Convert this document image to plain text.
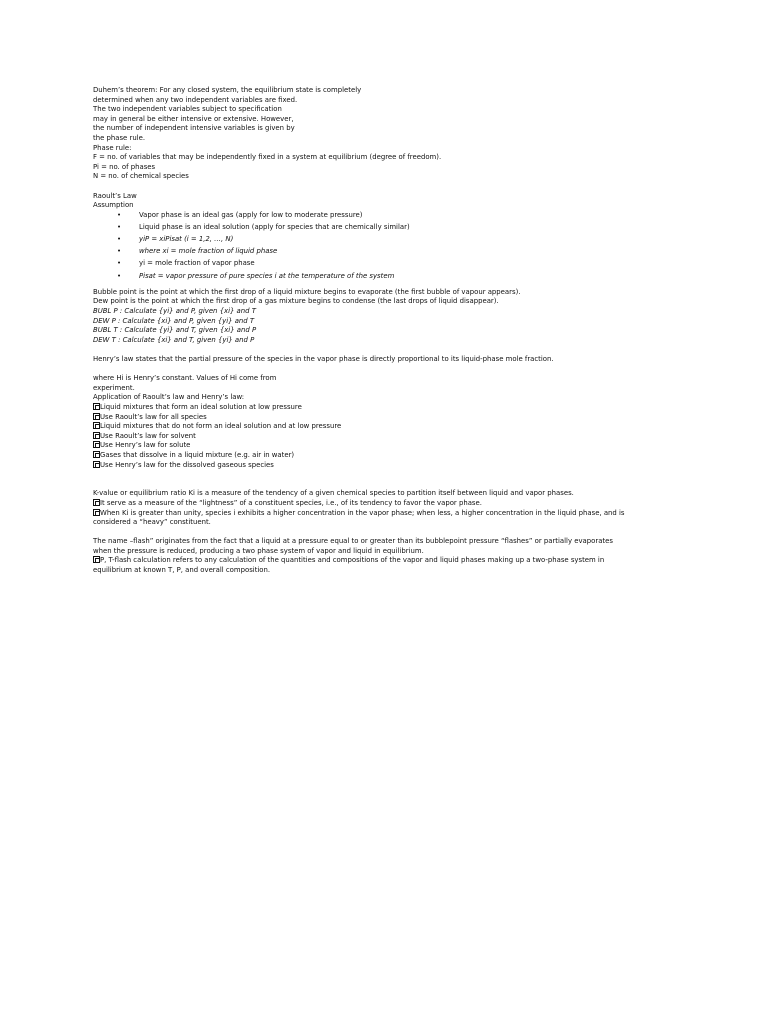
Duhem’s theorem: For any closed system, the equilibrium state is completely
determined when any two independent variables are fixed.
The two independent variables subject to specification
may in general be either intensive or extensive. However,
the number of independent intensive variables is given by
the phase rule.
Phase rule:
F = no. of variables that may be independently fixed in a system at equilibrium (degree of freedom).
Pi = no. of phases
N = no. of chemical species
Raoult’s Law
Assumption
•	Vapor phase is an ideal gas (apply for low to moderate pressure)
•	Liquid phase is an ideal solution (apply for species that are chemically similar)
•	yiP = xiPisat (i = 1,2, …, N)
•	where xi = mole fraction of liquid phase
•	yi = mole fraction of vapor phase
•	Pisat = vapor pressure of pure species i at the temperature of the system
Bubble point is the point at which the first drop of a liquid mixture begins to evaporate (the first bubble of vapour appears).
Dew point is the point at which the first drop of a gas mixture begins to condense (the last drops of liquid disappear).
BUBL P : Calculate {yi} and P, given {xi} and T
DEW P : Calculate {xi} and P, given {yi} and T
BUBL T : Calculate {yi} and T, given {xi} and P
DEW T : Calculate {xi} and T, given {yi} and P
Henry’s law states that the partial pressure of the species in the vapor phase is directly proportional to its liquid-phase mole fraction.
where Hi is Henry’s constant. Values of Hi come from
experiment.
Application of Raoult’s law and Henry’s law:
Liquid mixtures that form an ideal solution at low pressure
Use Raoult’s law for all species
Liquid mixtures that do not form an ideal solution and at low pressure
Use Raoult’s law for solvent
Use Henry’s law for solute
Gases that dissolve in a liquid mixture (e.g. air in water)
Use Henry’s law for the dissolved gaseous species
K-value or equilibrium ratio Ki is a measure of the tendency of a given chemical species to partition itself between liquid and vapor phases.
It serve as a measure of the “lightness” of a constituent species, i.e., of its tendency to favor the vapor phase.
When Ki is greater than unity, species i exhibits a higher concentration in the vapor phase; when less, a higher concentration in the liquid phase, and is
considered a “heavy” constituent.
The name –flash” originates from the fact that a liquid at a pressure equal to or greater than its bubblepoint pressure “flashes” or partially evaporates
when the pressure is reduced, producing a two phase system of vapor and liquid in equilibrium.
P, T-flash calculation refers to any calculation of the quantities and compositions of the vapor and liquid phases making up a two-phase system in
equilibrium at known T, P, and overall composition.
